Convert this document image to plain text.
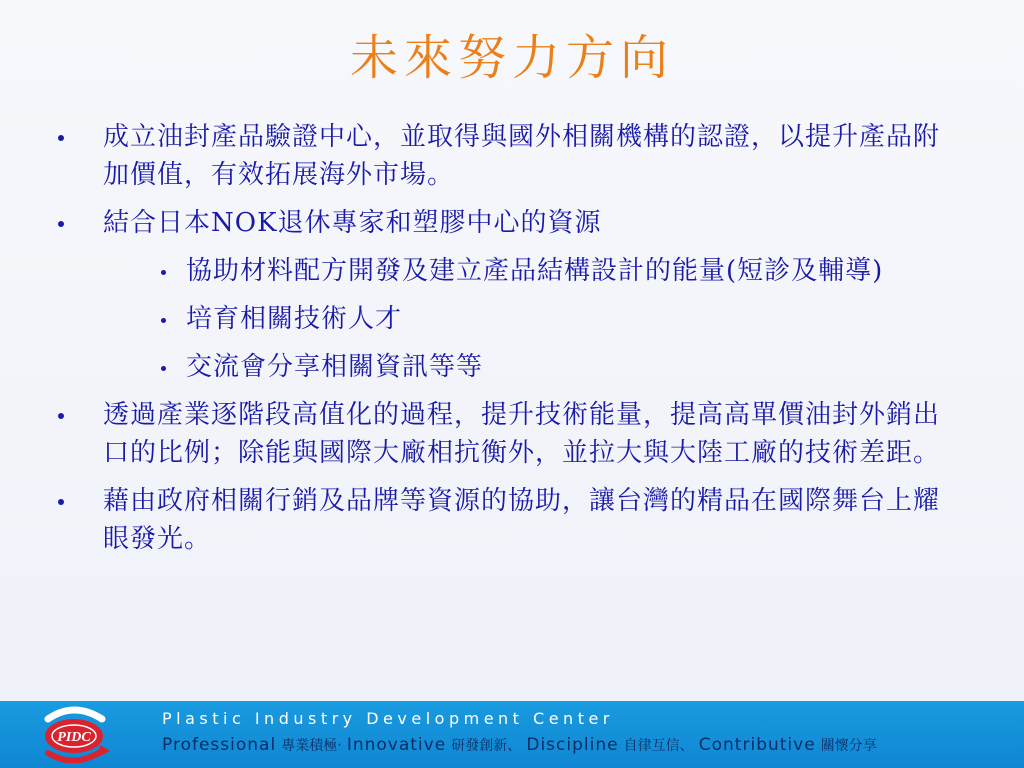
未來努力方向
成立油封產品驗證中心，並取得與國外相關機構的認證，以提升產品附加價值，有效拓展海外市場。
結合日本NOK退休專家和塑膠中心的資源
協助材料配方開發及建立產品結構設計的能量(短診及輔導)
培育相關技術人才
交流會分享相關資訊等等
透過產業逐階段高值化的過程，提升技術能量，提高高單價油封外銷出口的比例；除能與國際大廠相抗衡外，並拉大與大陸工廠的技術差距。
藉由政府相關行銷及品牌等資源的協助，讓台灣的精品在國際舞台上耀眼發光。
PIDC
Plastic Industry Development Center
Professional 專業積極‧ Innovative 研發創新、 Discipline 自律互信、 Contributive 關懷分享
